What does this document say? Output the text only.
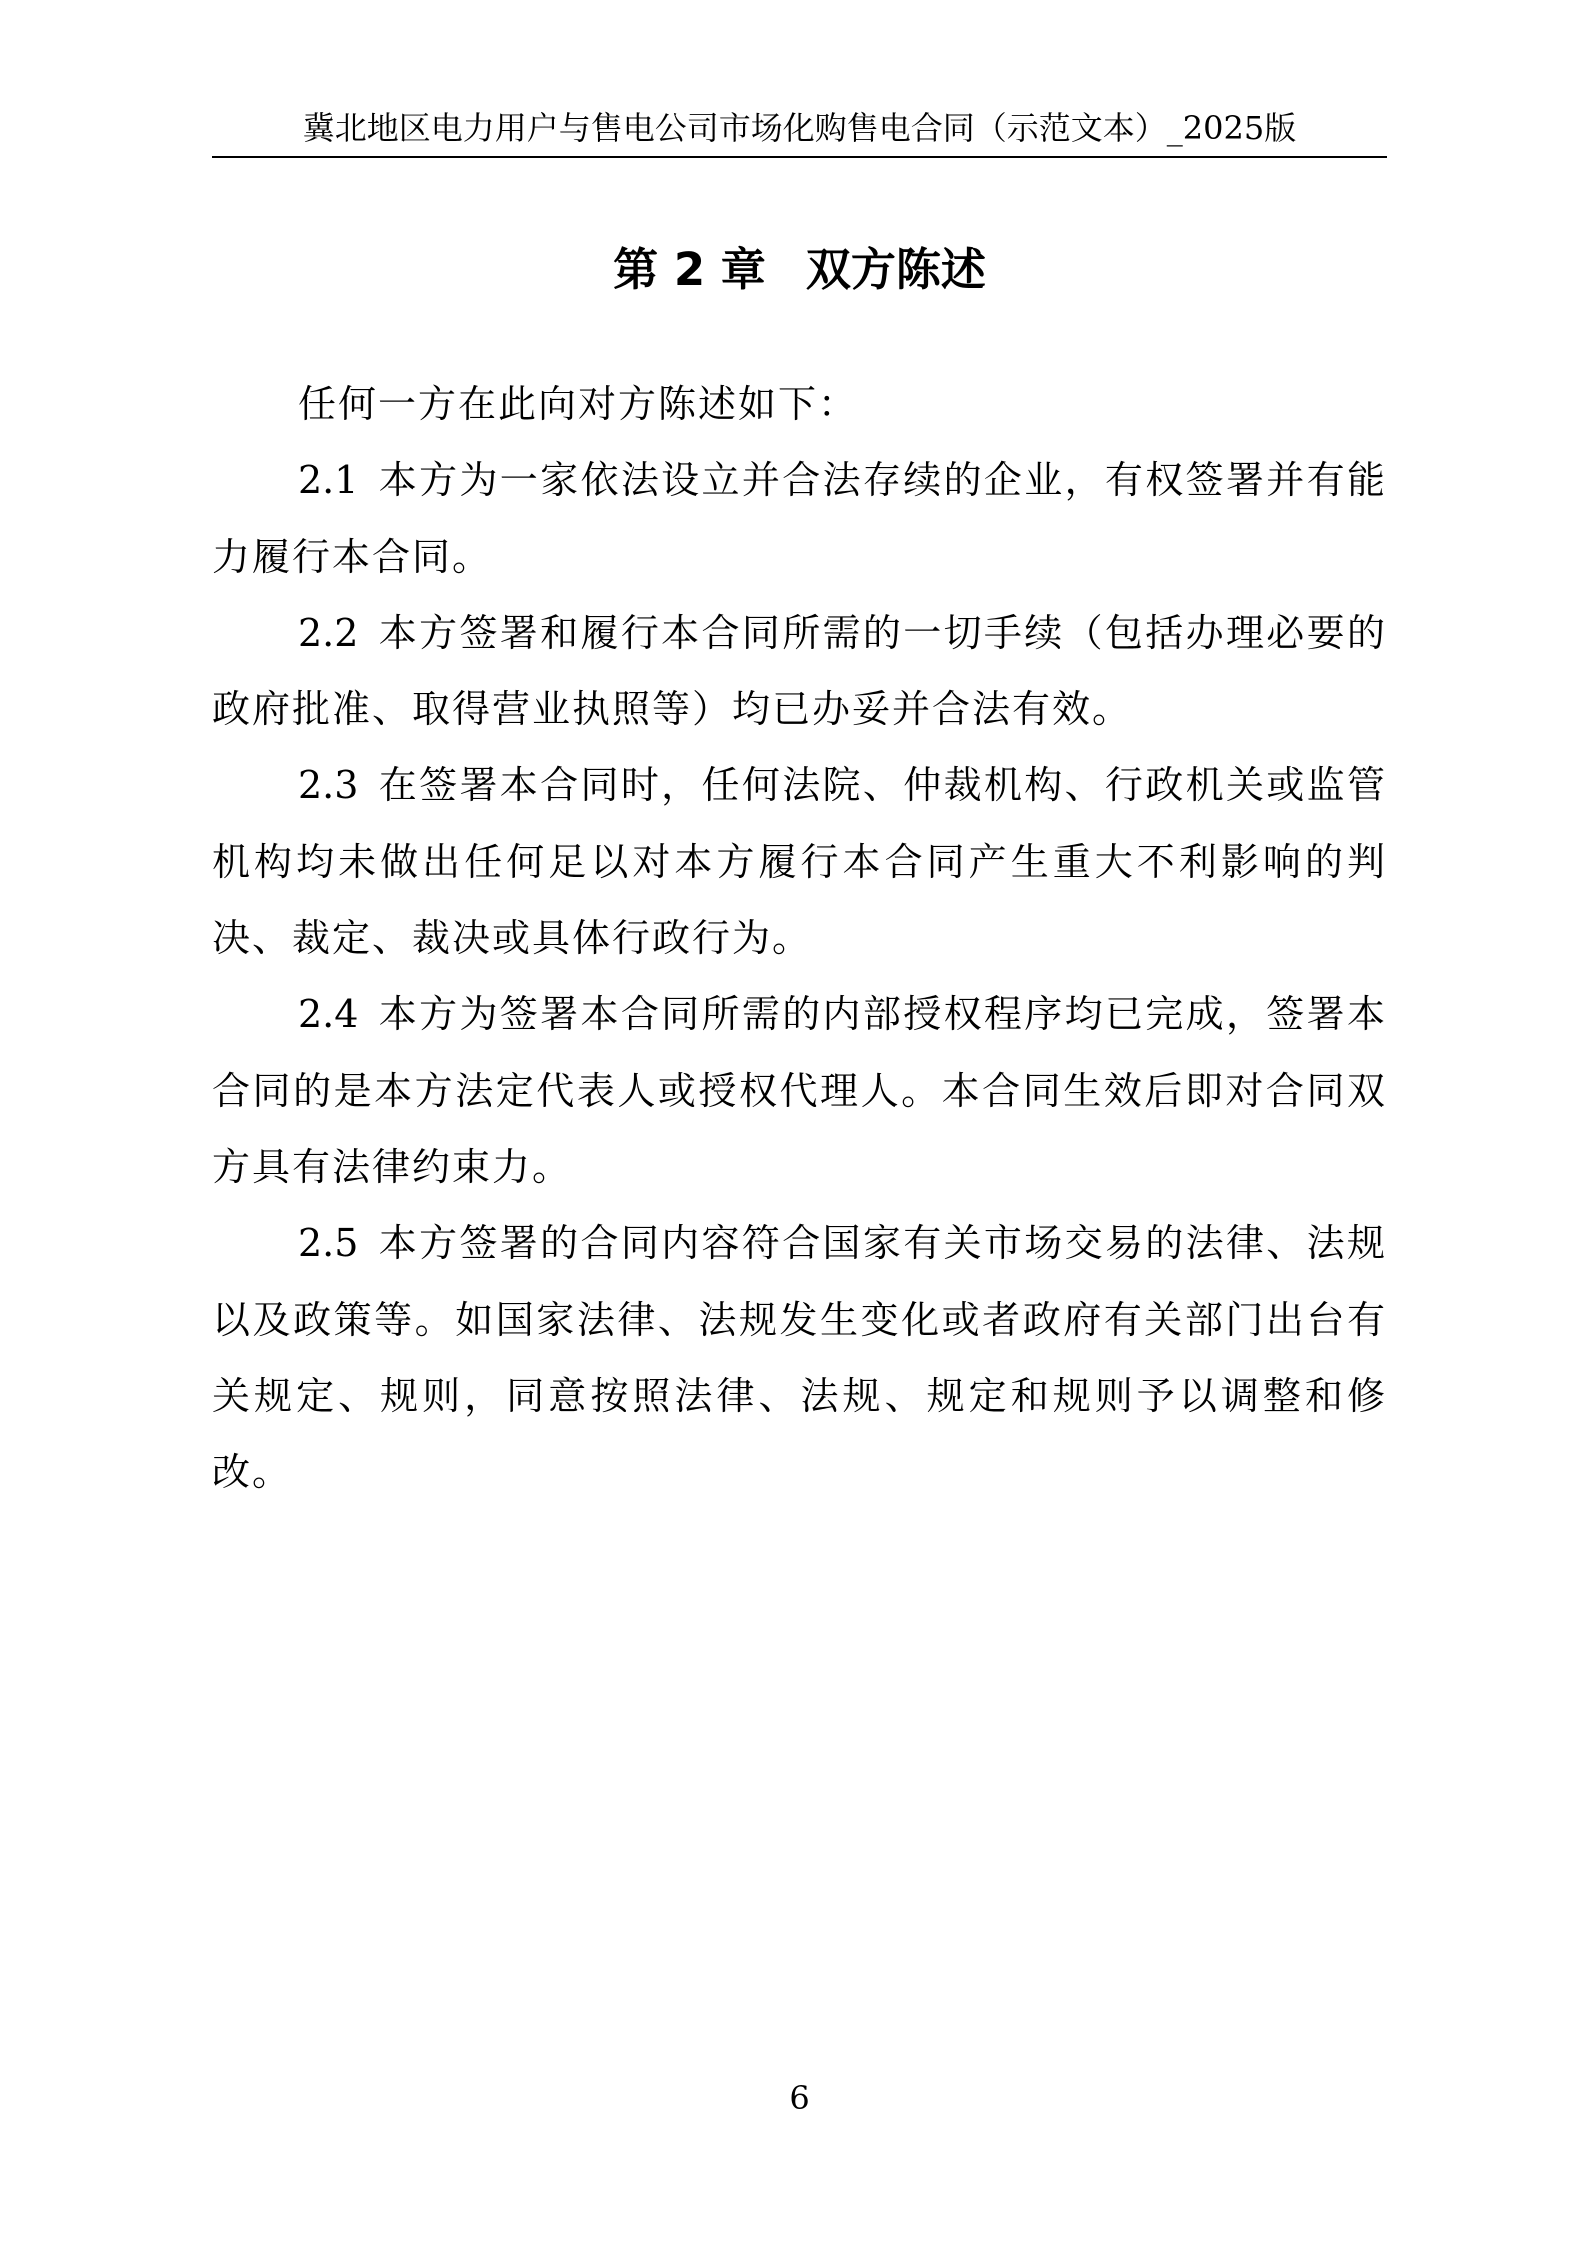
冀北地区电力用户与售电公司市场化购售电合同（示范文本）_2025版
第 2 章 双方陈述

任何一方在此向对方陈述如下：

2.1 本方为一家依法设立并合法存续的企业，有权签署并有能力履行本合同。

2.2 本方签署和履行本合同所需的一切手续（包括办理必要的政府批准、取得营业执照等）均已办妥并合法有效。

2.3 在签署本合同时，任何法院、仲裁机构、行政机关或监管机构均未做出任何足以对本方履行本合同产生重大不利影响的判决、裁定、裁决或具体行政行为。

2.4 本方为签署本合同所需的内部授权程序均已完成，签署本合同的是本方法定代表人或授权代理人。本合同生效后即对合同双方具有法律约束力。

2.5 本方签署的合同内容符合国家有关市场交易的法律、法规以及政策等。如国家法律、法规发生变化或者政府有关部门出台有关规定、规则，同意按照法律、法规、规定和规则予以调整和修改。

6
